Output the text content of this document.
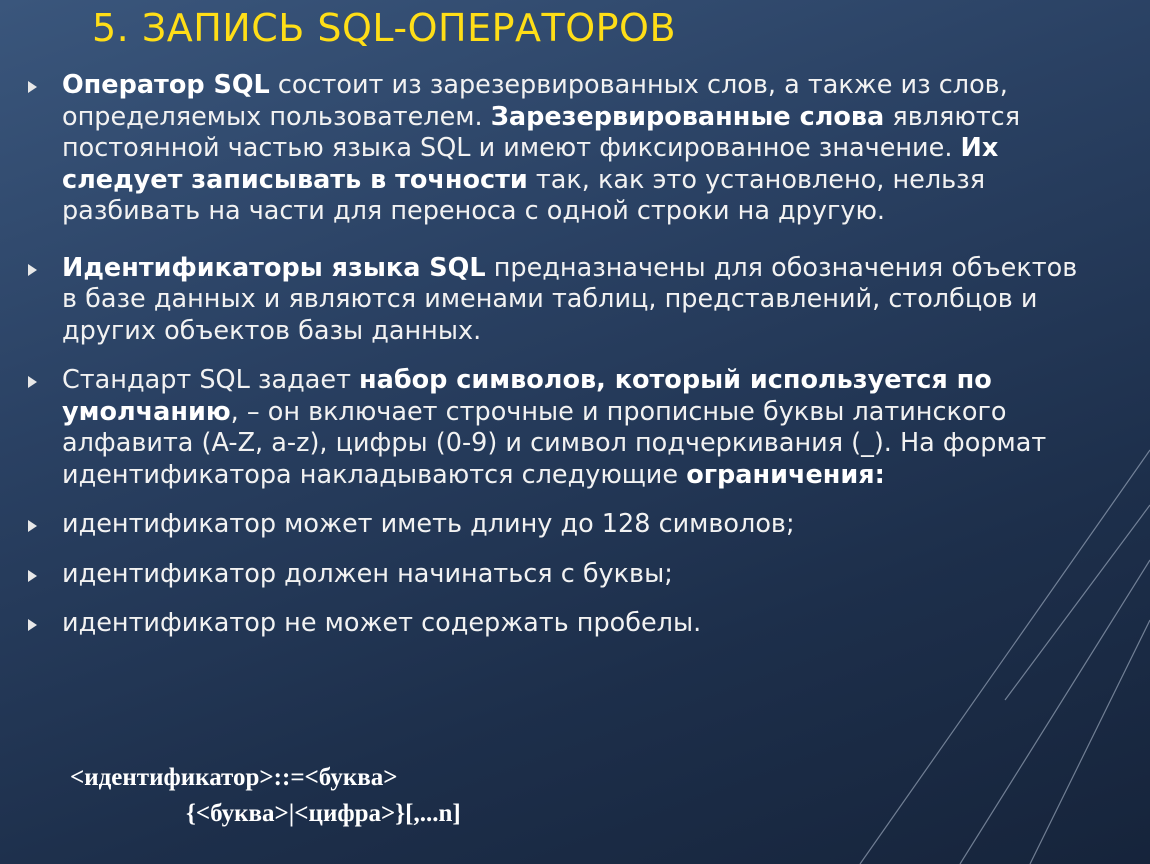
5. ЗАПИСЬ SQL-ОПЕРАТОРОВ
Оператор SQL состоит из зарезервированных слов, а также из слов, определяемых пользователем. Зарезервированные слова являются постоянной частью языка SQL и имеют фиксированное значение. Их следует записывать в точности так, как это установлено, нельзя разбивать на части для переноса с одной строки на другую.
Идентификаторы языка SQL предназначены для обозначения объектов в базе данных и являются именами таблиц, представлений, столбцов и других объектов базы данных.
Стандарт SQL задает набор символов, который используется по умолчанию, – он включает строчные и прописные буквы латинского алфавита (A-Z, a-z), цифры (0-9) и символ подчеркивания (_). На формат идентификатора накладываются следующие ограничения:
идентификатор может иметь длину до 128 символов;
идентификатор должен начинаться с буквы;
идентификатор не может содержать пробелы.
<идентификатор>::=<буква>
{<буква>|<цифра>}[,...n]
